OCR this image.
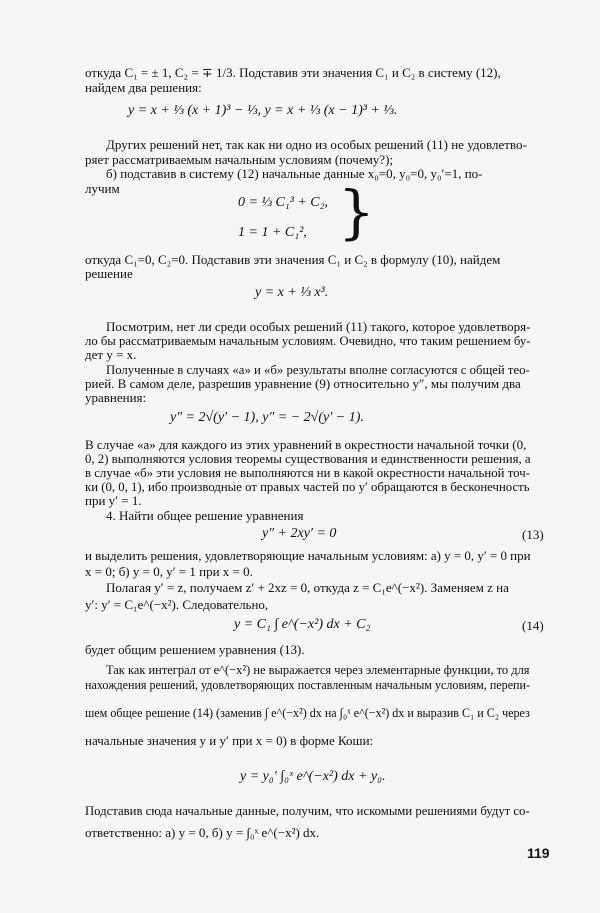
откуда C₁ = ± 1, C₂ = ∓ 1/3. Подставив эти значения C₁ и C₂ в систему (12),
найдем два решения:
y = x + ⅓ (x + 1)³ − ⅓, y = x + ⅓ (x − 1)³ + ⅓.
Других решений нет, так как ни одно из особых решений (11) не удовлетво-
ряет рассматриваемым начальным условиям (почему?);
б) подставив в систему (12) начальные данные x₀=0, y₀=0, y₀′=1, по-
лучим
0 = ⅓ C₁³ + C₂,
1 = 1 + C₁², }
откуда C₁=0, C₂=0. Подставив эти значения C₁ и C₂ в формулу (10), найдем
решение
y = x + ⅓ x³.
Посмотрим, нет ли среди особых решений (11) такого, которое удовлетворя-
ло бы рассматриваемым начальным условиям. Очевидно, что таким решением бу-
дет y = x.
Полученные в случаях «а» и «б» результаты вполне согласуются с общей тео-
рией. В самом деле, разрешив уравнение (9) относительно y″, мы получим два
уравнения:
y″ = 2√(y′ − 1), y″ = − 2√(y′ − 1).
В случае «а» для каждого из этих уравнений в окрестности начальной точки (0,
0, 2) выполняются условия теоремы существования и единственности решения, а
в случае «б» эти условия не выполняются ни в какой окрестности начальной точ-
ки (0, 0, 1), ибо производные от правых частей по y′ обращаются в бесконечность
при y′ = 1.
4. Найти общее решение уравнения
y″ + 2xy′ = 0	(13)
и выделить решения, удовлетворяющие начальным условиям: а) y = 0, y′ = 0 при
x = 0; б) y = 0, y′ = 1 при x = 0.
Полагая y′ = z, получаем z′ + 2xz = 0, откуда z = C₁e^(−x²). Заменяем z на
y′: y′ = C₁e^(−x²). Следовательно,
y = C₁ ∫ e^(−x²) dx + C₂	(14)
будет общим решением уравнения (13).
Так как интеграл от e^(−x²) не выражается через элементарные функции, то для
нахождения решений, удовлетворяющих поставленным начальным условиям, перепи-
шем общее решение (14) (заменив ∫ e^(−x²) dx на ∫₀ˣ e^(−x²) dx и выразив C₁ и C₂ через
начальные значения y и y′ при x = 0) в форме Коши:
y = y₀′ ∫₀ˣ e^(−x²) dx + y₀.
Подставив сюда начальные данные, получим, что искомыми решениями будут со-
ответственно: а) y = 0, б) y = ∫₀ˣ e^(−x²) dx.
119
